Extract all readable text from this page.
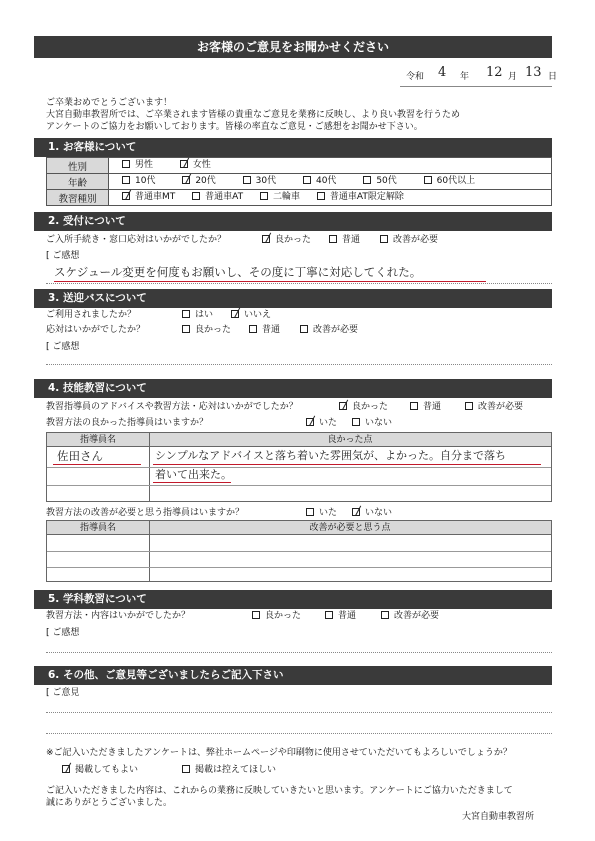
お客様のご意見をお聞かせください
令和 4 年 12 月 13 日
ご卒業おめでとうございます！
大宮自動車教習所では、ご卒業されます皆様の貴重なご意見を業務に反映し、より良い教習を行うため
アンケートのご協力をお願いしております。皆様の率直なご意見・ご感想をお聞かせ下さい。
1. お客様について
性別	男性 女性
年齢	10代 20代 30代 40代 50代 60代以上
教習種別	普通車MT 普通車AT 二輪車 普通車AT限定解除
2. 受付について
ご入所手続き・窓口応対はいかがでしたか？	良かった	普通	改善が必要
[ ご感想
スケジュール変更を何度もお願いし、その度に丁寧に対応してくれた。
3. 送迎バスについて
ご利用されましたか？	はい	いいえ
応対はいかがでしたか？	良かった	普通	改善が必要
[ ご感想
4. 技能教習について
教習指導員のアドバイスや教習方法・応対はいかがでしたか？	良かった	普通	改善が必要
教習方法の良かった指導員はいますか？	いた	いない
指導員名	良かった点
佐田さん	シンプルなアドバイスと落ち着いた雰囲気が、よかった。自分まで落ち
着いて出来た。
教習方法の改善が必要と思う指導員はいますか？	いた	いない
指導員名	改善が必要と思う点
5. 学科教習について
教習方法・内容はいかがでしたか？	良かった	普通	改善が必要
[ ご感想
6. その他、ご意見等ございましたらご記入下さい
[ ご意見
※ご記入いただきましたアンケートは、弊社ホームページや印刷物に使用させていただいてもよろしいでしょうか？
掲載してもよい	掲載は控えてほしい
ご記入いただきました内容は、これからの業務に反映していきたいと思います。アンケートにご協力いただきまして
誠にありがとうございました。
大宮自動車教習所
